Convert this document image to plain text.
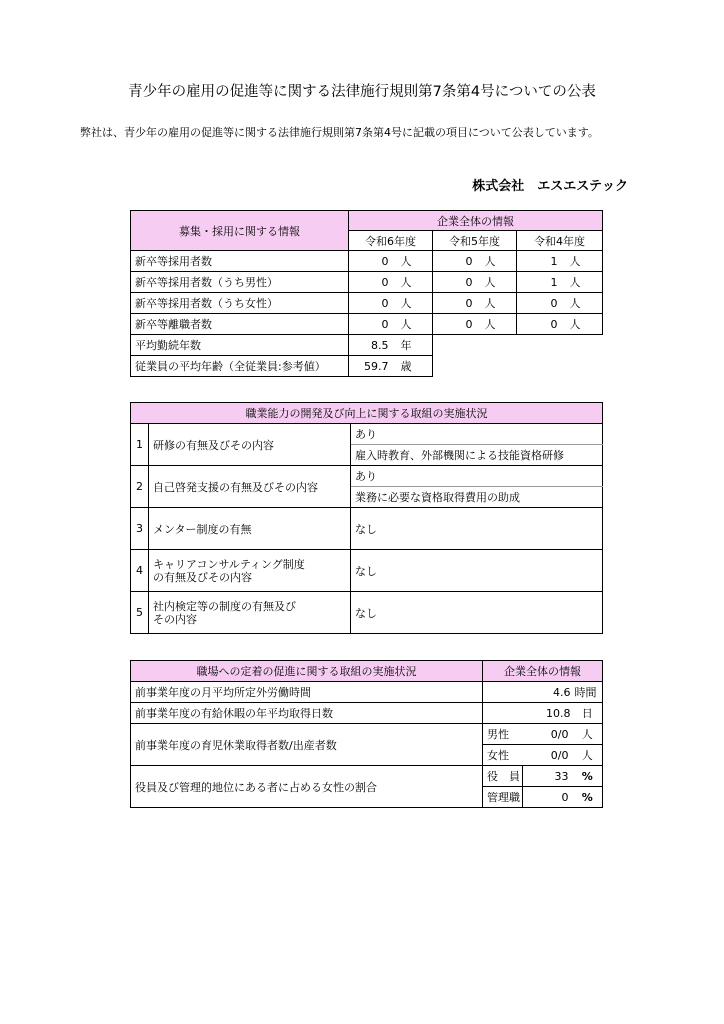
青少年の雇用の促進等に関する法律施行規則第7条第4号についての公表
弊社は、青少年の雇用の促進等に関する法律施行規則第7条第4号に記載の項目について公表しています。
株式会社　エスエステック
募集・採用に関する情報	企業全体の情報					
	令和6年度		令和5年度		令和4年度	
新卒等採用者数	0	人	0	人	1	人
新卒等採用者数（うち男性）	0	人	0	人	1	人
新卒等採用者数（うち女性）	0	人	0	人	0	人
新卒等離職者数	0	人	0	人	0	人
平均勤続年数	8.5	年				
従業員の平均年齢（全従業員:参考値）	59.7	歳				
職業能力の開発及び向上に関する取組の実施状況		
1	研修の有無及びその内容	あり
		雇入時教育、外部機関による技能資格研修
2	自己啓発支援の有無及びその内容	あり
		業務に必要な資格取得費用の助成
3	メンター制度の有無	なし
4	キャリアコンサルティング制度
の有無及びその内容	なし
5	社内検定等の制度の有無及び
その内容	なし
職場への定着の促進に関する取組の実施状況	企業全体の情報		
前事業年度の月平均所定外労働時間	4.6		時間
前事業年度の有給休暇の年平均取得日数	10.8		日
前事業年度の育児休業取得者数/出産者数	男性	0/0	人
	女性	0/0	人
役員及び管理的地位にある者に占める女性の割合	役　員	33	%
	管理職	0	%
